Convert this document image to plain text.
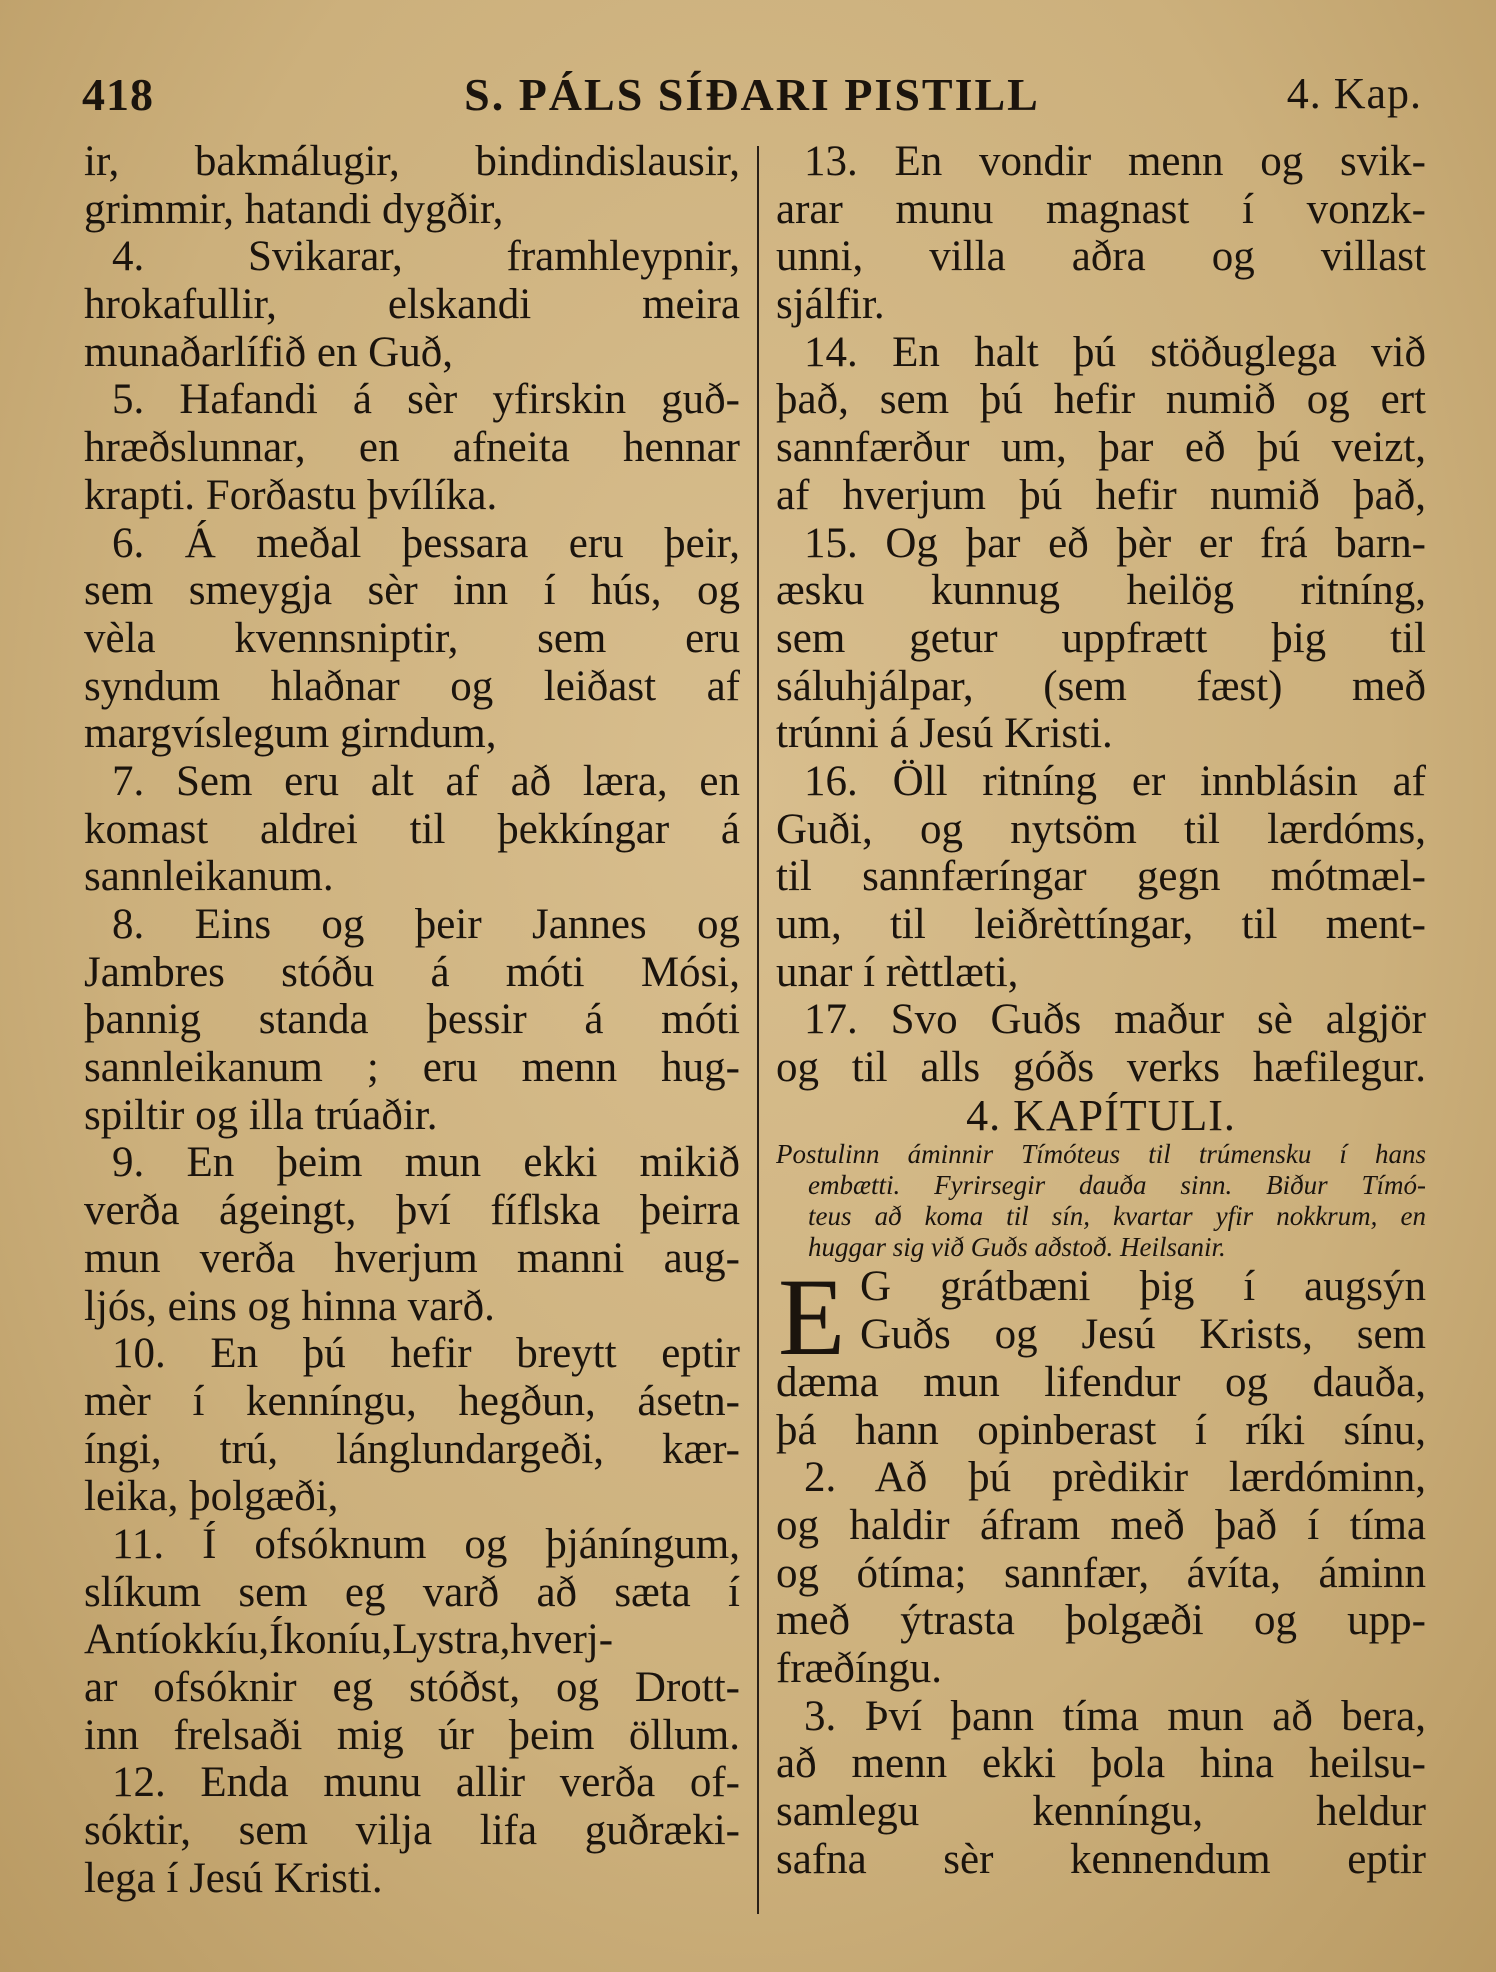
418	S. PÁLS SÍÐARI PISTILL	4. Kap.
ir, bakmálugir, bindindislausir,
grimmir, hatandi dygðir,
4. Svikarar, framhleypnir,
hrokafullir, elskandi meira
munaðarlífið en Guð,
5. Hafandi á sèr yfirskin guð-
hræðslunnar, en afneita hennar
krapti. Forðastu þvílíka.
6. Á meðal þessara eru þeir,
sem smeygja sèr inn í hús, og
vèla kvennsniptir, sem eru
syndum hlaðnar og leiðast af
margvíslegum girndum,
7. Sem eru alt af að læra, en
komast aldrei til þekkíngar á
sannleikanum.
8. Eins og þeir Jannes og
Jambres stóðu á móti Mósi,
þannig standa þessir á móti
sannleikanum ; eru menn hug-
spiltir og illa trúaðir.
9. En þeim mun ekki mikið
verða ágeingt, því fíflska þeirra
mun verða hverjum manni aug-
ljós, eins og hinna varð.
10. En þú hefir breytt eptir
mèr í kenníngu, hegðun, ásetn-
íngi, trú, lánglundargeði, kær-
leika, þolgæði,
11. Í ofsóknum og þjáníngum,
slíkum sem eg varð að sæta í
Antíokkíu,Íkoníu,Lystra,hverj-
ar ofsóknir eg stóðst, og Drott-
inn frelsaði mig úr þeim öllum.
12. Enda munu allir verða of-
sóktir, sem vilja lifa guðræki-
lega í Jesú Kristi.
13. En vondir menn og svik-
arar munu magnast í vonzk-
unni, villa aðra og villast
sjálfir.
14. En halt þú stöðuglega við
það, sem þú hefir numið og ert
sannfærður um, þar eð þú veizt,
af hverjum þú hefir numið það,
15. Og þar eð þèr er frá barn-
æsku kunnug heilög ritníng,
sem getur uppfrætt þig til
sáluhjálpar, (sem fæst) með
trúnni á Jesú Kristi.
16. Öll ritníng er innblásin af
Guði, og nytsöm til lærdóms,
til sannfæríngar gegn mótmæl-
um, til leiðrèttíngar, til ment-
unar í rèttlæti,
17. Svo Guðs maður sè algjör
og til alls góðs verks hæfilegur.
4. KAPÍTULI.
Postulinn áminnir Tímóteus til trúmensku í hans
embætti. Fyrirsegir dauða sinn. Biður Tímó-
teus að koma til sín, kvartar yfir nokkrum, en
huggar sig við Guðs aðstoð. Heilsanir.
E G grátbæni þig í augsýn
Guðs og Jesú Krists, sem
dæma mun lifendur og dauða,
þá hann opinberast í ríki sínu,
2. Að þú prèdikir lærdóminn,
og haldir áfram með það í tíma
og ótíma; sannfær, ávíta, áminn
með ýtrasta þolgæði og upp-
fræðíngu.
3. Því þann tíma mun að bera,
að menn ekki þola hina heilsu-
samlegu kenníngu, heldur
safna sèr kennendum eptir
